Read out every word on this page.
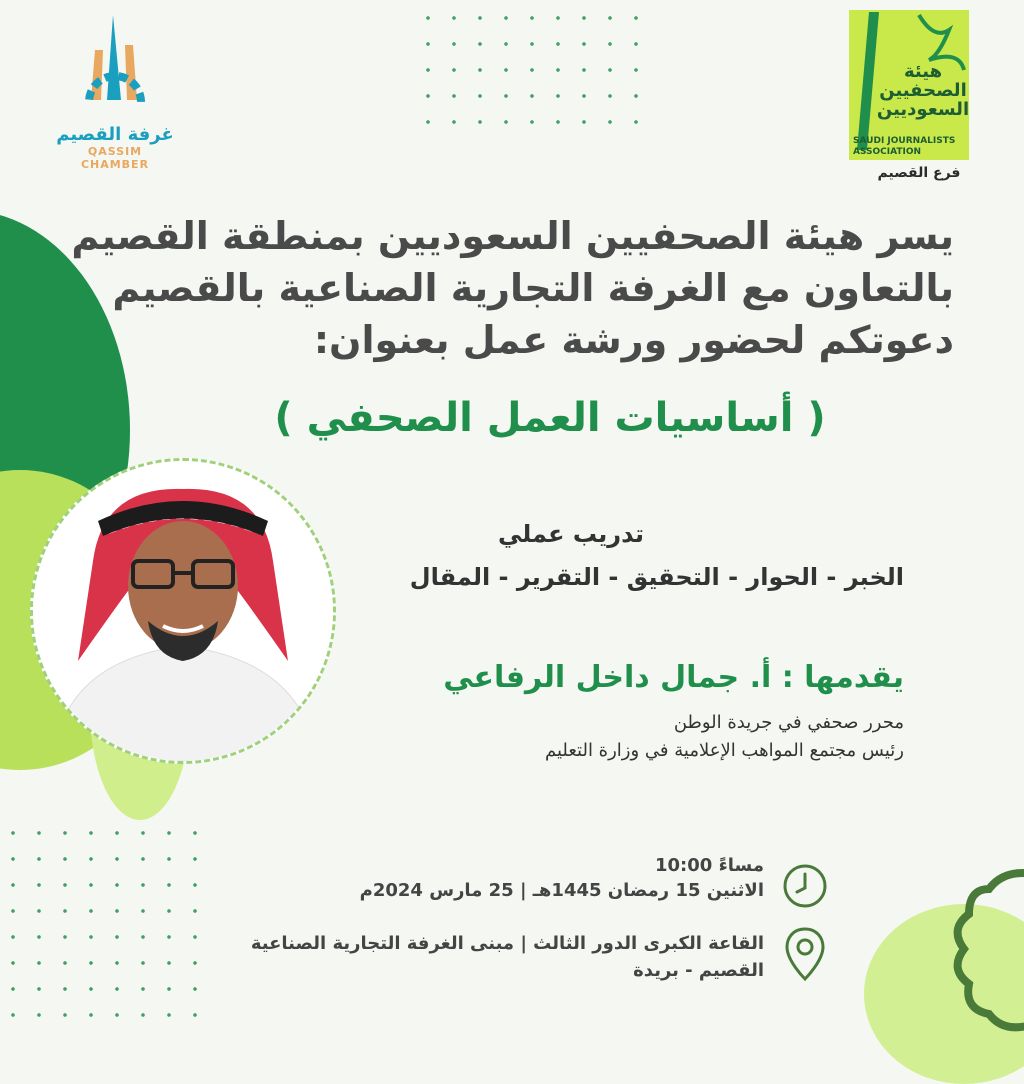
غرفة القصيم
QASSIM CHAMBER
هيئة
الصحفيين
السعوديين
SAUDI JOURNALISTS
ASSOCIATION
فرع القصيم
يسر هيئة الصحفيين السعوديين بمنطقة القصيم
بالتعاون مع الغرفة التجارية الصناعية بالقصيم
دعوتكم لحضور ورشة عمل بعنوان:
( أساسيات العمل الصحفي )
تدريب عملي
الخبر - الحوار - التحقيق - التقرير - المقال
يقدمها : أ. جمال داخل الرفاعي
محرر صحفي في جريدة الوطن
رئيس مجتمع المواهب الإعلامية في وزارة التعليم
مساءً 10:00
الاثنين 15 رمضان 1445هـ | 25 مارس 2024م
القاعة الكبرى الدور الثالث | مبنى الغرفة التجارية الصناعية
القصيم - بريدة
